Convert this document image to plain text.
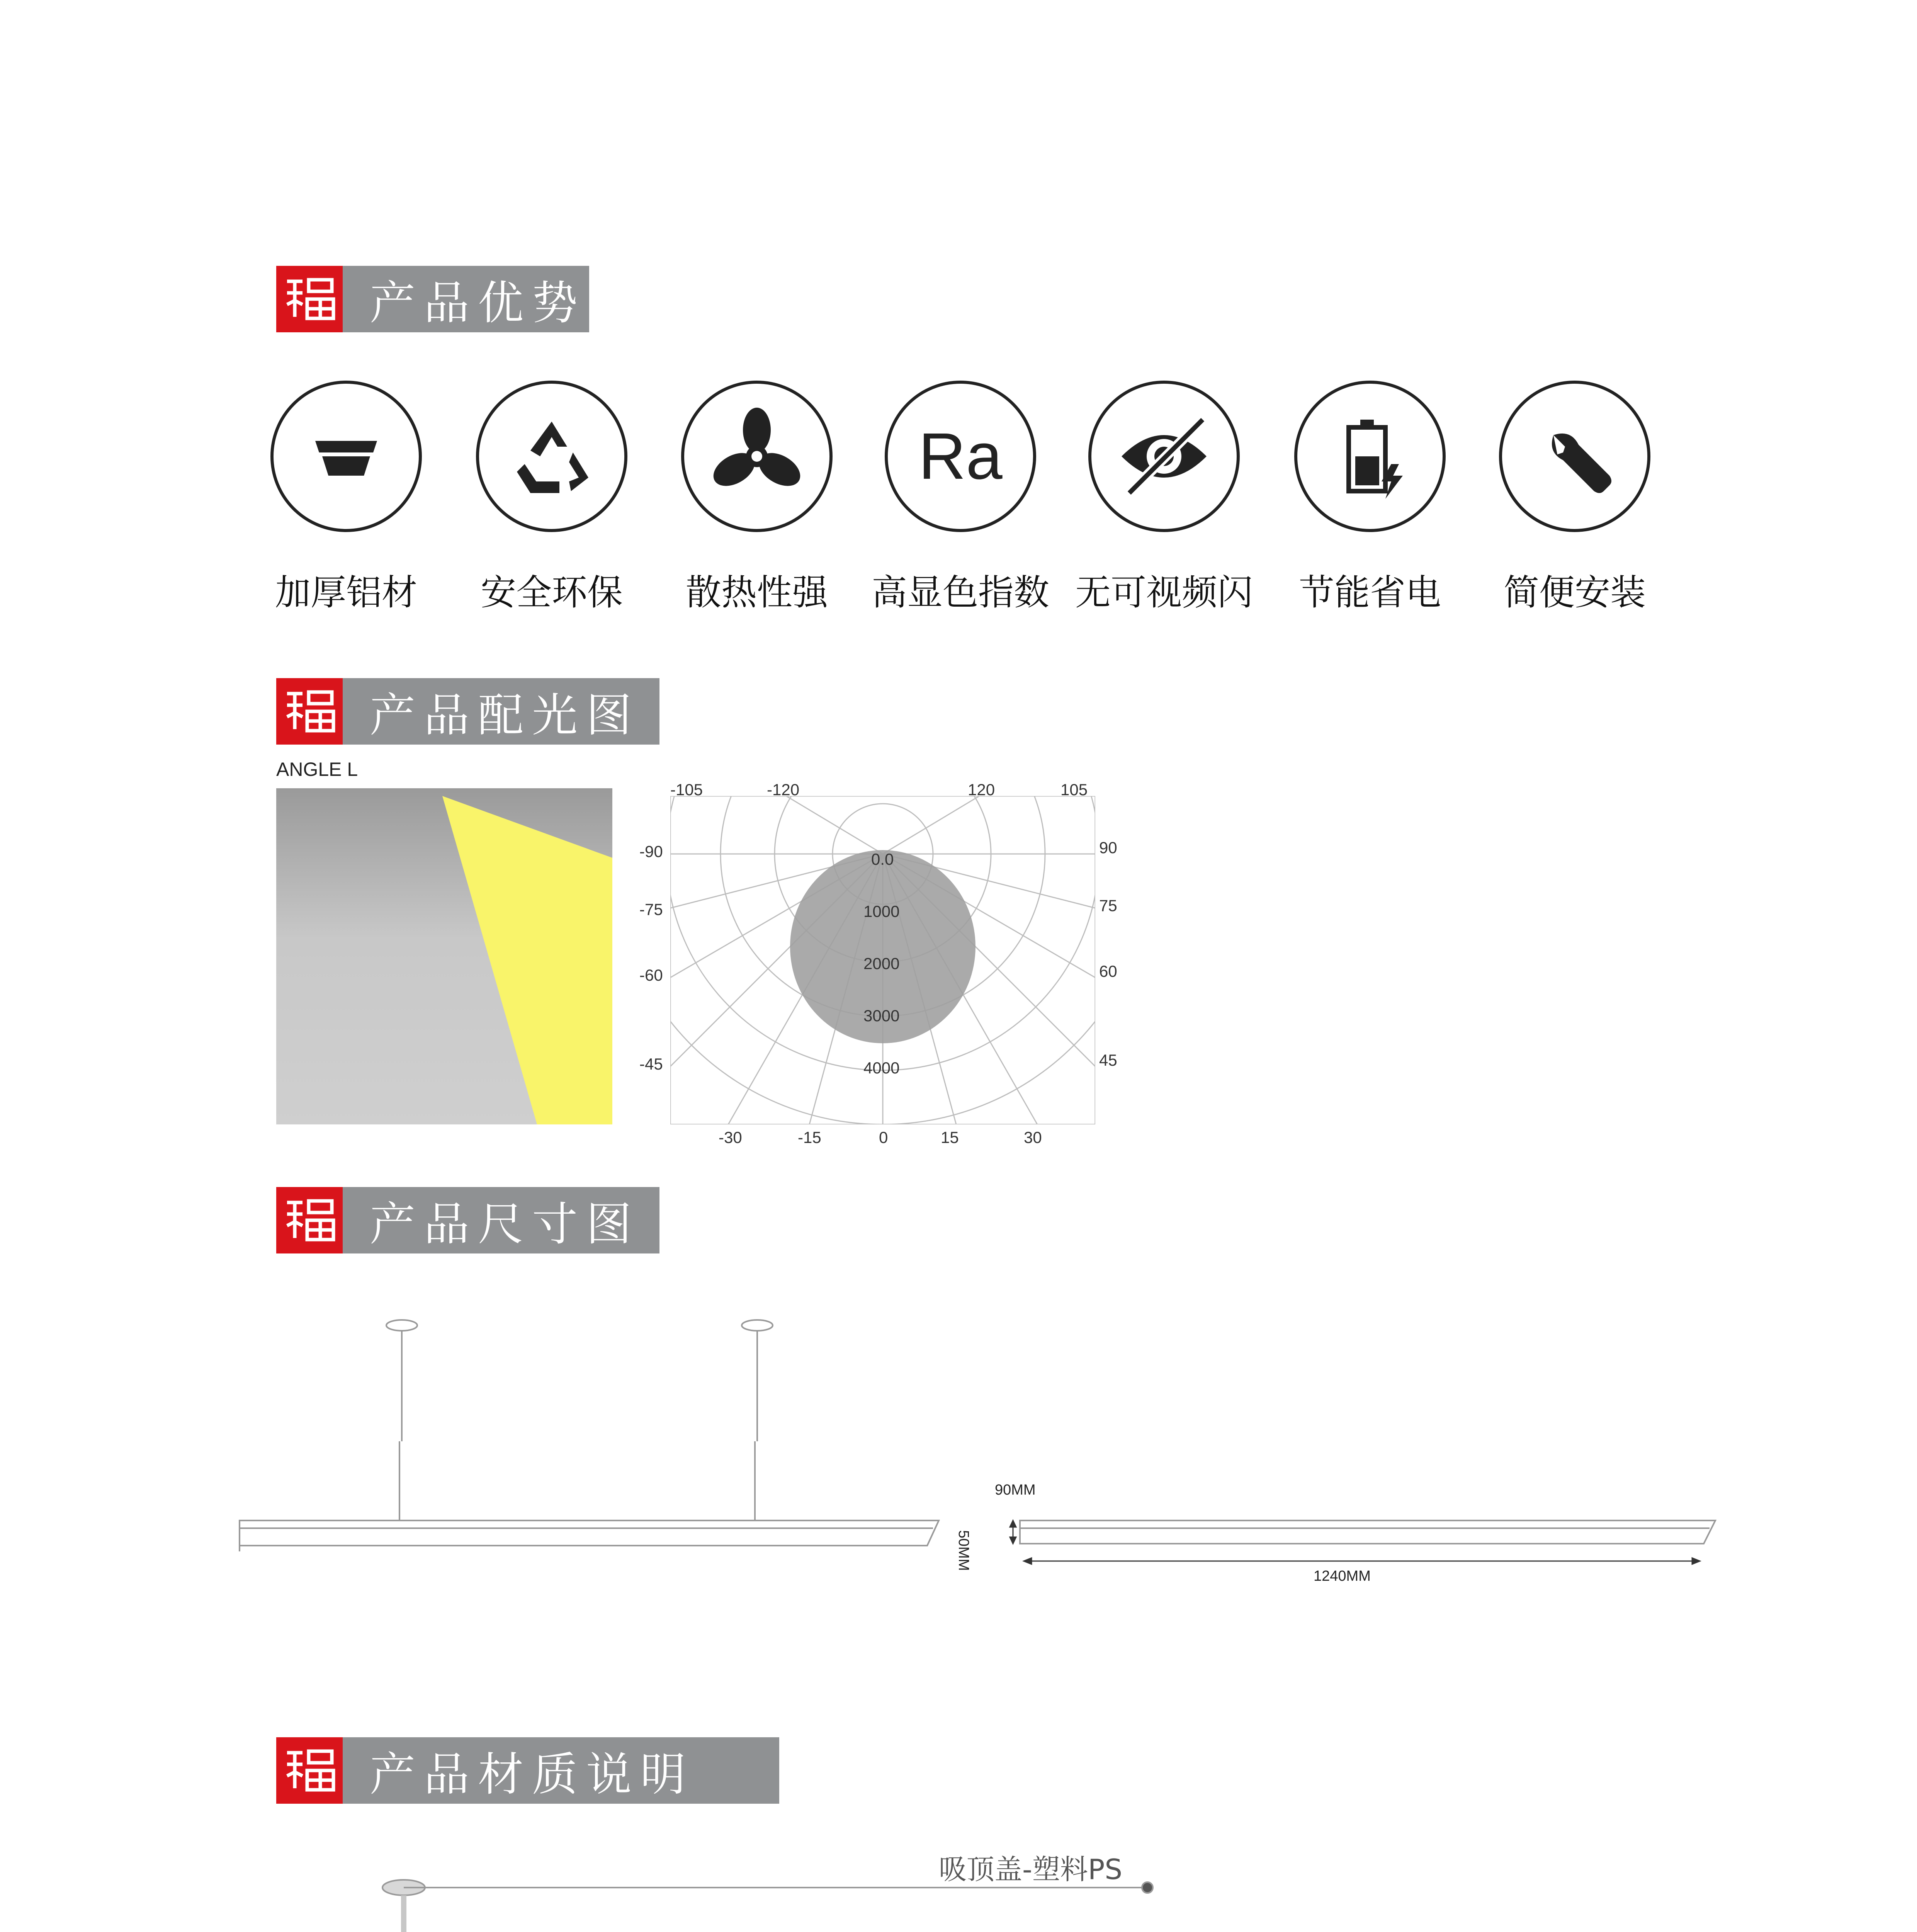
产品优势
Ra
加厚铝材	安全环保	散热性强	高显色指数 无可视频闪	节能省电	简便安装
产品配光图
ANGLE L
-105	-120	120	105
-90
-75
-60
-45
90
75
60
45
-30	-15	0	15	30
0.0
1000
2000
3000
4000
产品尺寸图
90MM
50MM
1240MM
产品材质说明
吸顶盖-塑料PS
